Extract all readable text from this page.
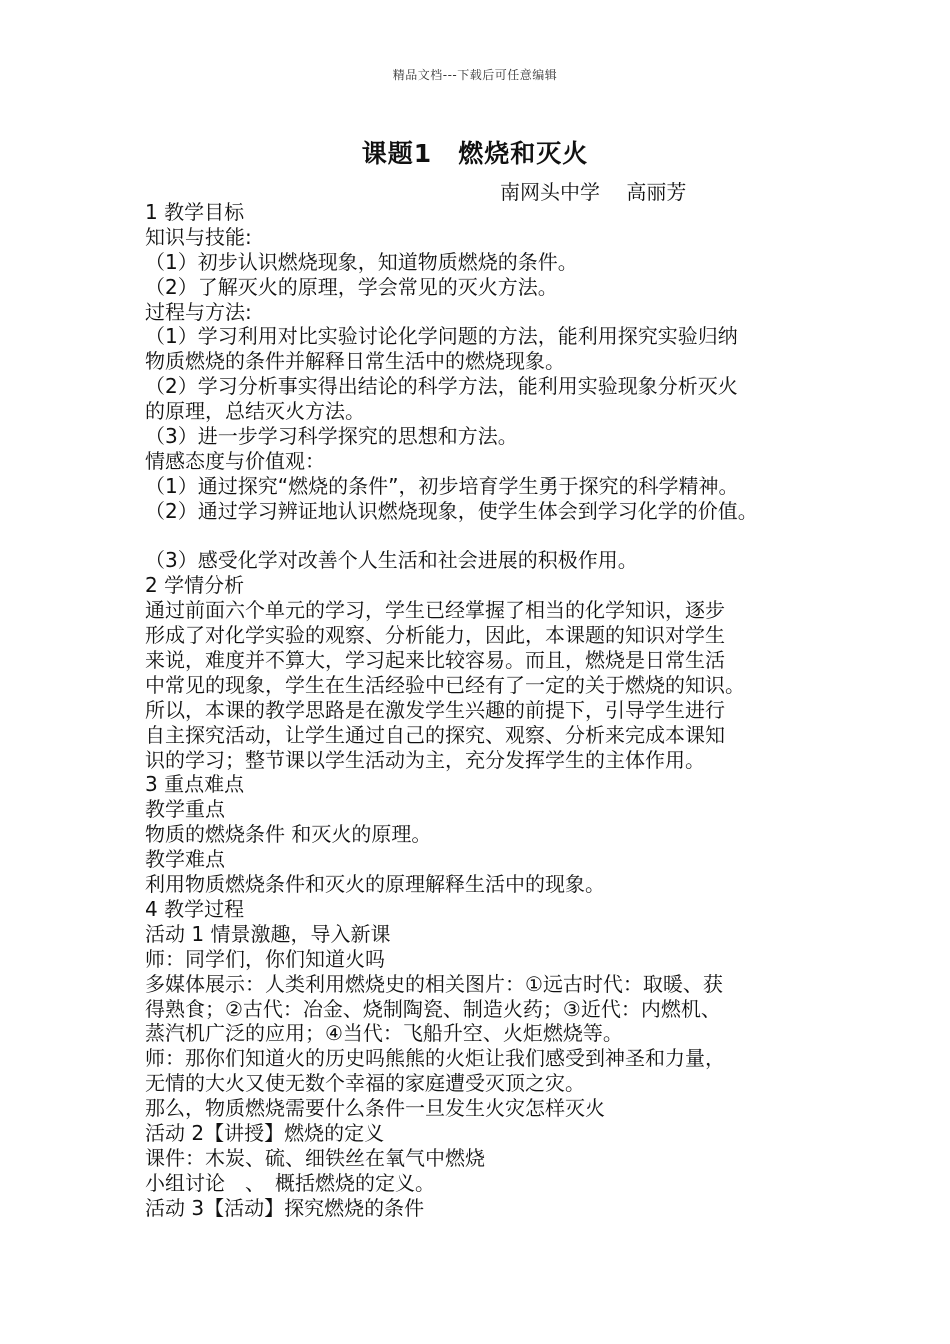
精品文档---下载后可任意编辑
课题1　燃烧和灭火
南网头中学　 高丽芳
1 教学目标
知识与技能:
（1）初步认识燃烧现象，知道物质燃烧的条件。
（2）了解灭火的原理，学会常见的灭火方法。
过程与方法:
（1）学习利用对比实验讨论化学问题的方法，能利用探究实验归纳
物质燃烧的条件并解释日常生活中的燃烧现象。
（2）学习分析事实得出结论的科学方法，能利用实验现象分析灭火
的原理，总结灭火方法。
（3）进一步学习科学探究的思想和方法。
情感态度与价值观：
（1）通过探究“燃烧的条件”，初步培育学生勇于探究的科学精神。
（2）通过学习辨证地认识燃烧现象，使学生体会到学习化学的价值。
（3）感受化学对改善个人生活和社会进展的积极作用。
2 学情分析
通过前面六个单元的学习，学生已经掌握了相当的化学知识，逐步
形成了对化学实验的观察、分析能力，因此，本课题的知识对学生
来说，难度并不算大，学习起来比较容易。而且，燃烧是日常生活
中常见的现象，学生在生活经验中已经有了一定的关于燃烧的知识。
所以，本课的教学思路是在激发学生兴趣的前提下，引导学生进行
自主探究活动，让学生通过自己的探究、观察、分析来完成本课知
识的学习；整节课以学生活动为主，充分发挥学生的主体作用。
3 重点难点
教学重点
物质的燃烧条件 和灭火的原理。
教学难点
利用物质燃烧条件和灭火的原理解释生活中的现象。
4 教学过程
活动 1 情景激趣，导入新课
师：同学们，你们知道火吗
多媒体展示：人类利用燃烧史的相关图片：①远古时代：取暖、获
得熟食；②古代：冶金、烧制陶瓷、制造火药；③近代：内燃机、
蒸汽机广泛的应用；④当代：飞船升空、火炬燃烧等。
师：那你们知道火的历史吗熊熊的火炬让我们感受到神圣和力量，
无情的大火又使无数个幸福的家庭遭受灭顶之灾。
那么，物质燃烧需要什么条件一旦发生火灾怎样灭火
活动 2【讲授】燃烧的定义
课件：木炭、硫、细铁丝在氧气中燃烧
小组讨论　、　概括燃烧的定义。
活动 3【活动】探究燃烧的条件
